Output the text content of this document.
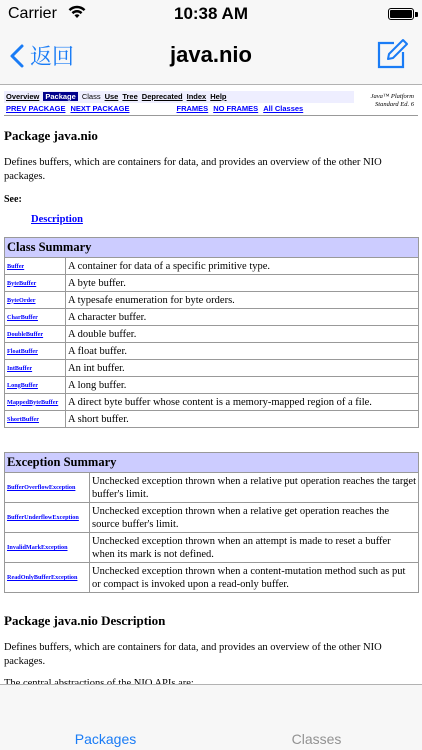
Carrier	10:38 AM
返回	java.nio
Overview Package Class Use Tree Deprecated Index Help	Java™ Platform
Standard Ed. 6
PREV PACKAGE NEXT PACKAGE	FRAMES NO FRAMES All Classes
Package java.nio

Defines buffers, which are containers for data, and provides an overview of the other NIO packages.

See:
Description
Class Summary	
Buffer	A container for data of a specific primitive type.
ByteBuffer	A byte buffer.
ByteOrder	A typesafe enumeration for byte orders.
CharBuffer	A character buffer.
DoubleBuffer	A double buffer.
FloatBuffer	A float buffer.
IntBuffer	An int buffer.
LongBuffer	A long buffer.
MappedByteBuffer	A direct byte buffer whose content is a memory-mapped region of a file.
ShortBuffer	A short buffer.
Exception Summary	
BufferOverflowException	Unchecked exception thrown when a relative put operation reaches the target buffer's limit.
BufferUnderflowException	Unchecked exception thrown when a relative get operation reaches the source buffer's limit.
InvalidMarkException	Unchecked exception thrown when an attempt is made to reset a buffer when its mark is not defined.
ReadOnlyBufferException	Unchecked exception thrown when a content-mutation method such as put or compact is invoked upon a read-only buffer.
Package java.nio Description

Defines buffers, which are containers for data, and provides an overview of the other NIO packages.

Packages	Classes
